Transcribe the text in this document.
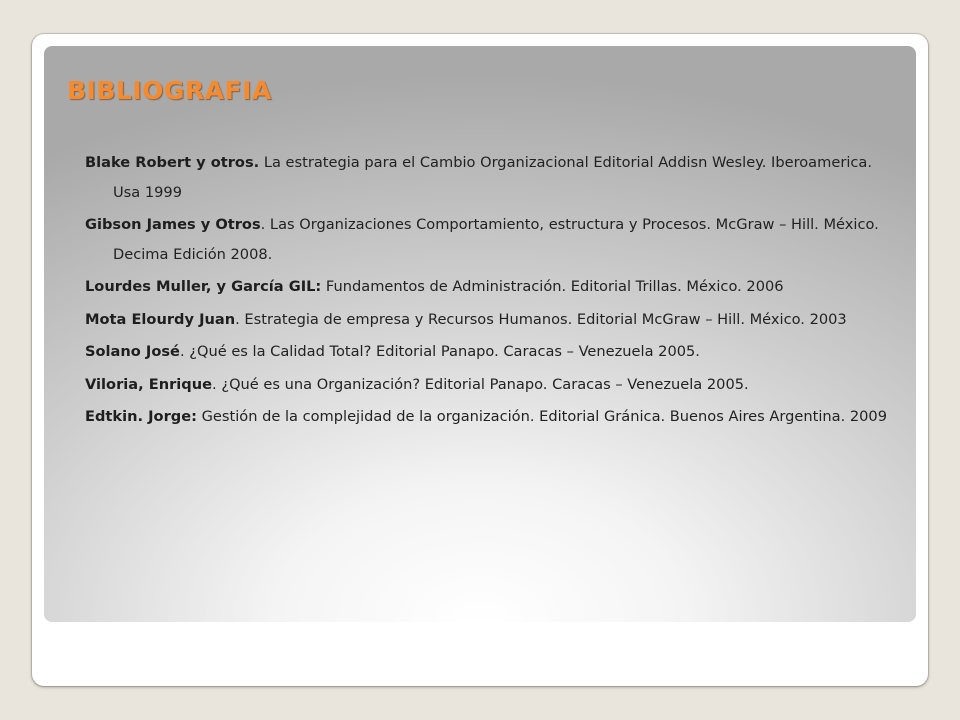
BIBLIOGRAFIA

Blake Robert y otros. La estrategia para el Cambio Organizacional Editorial Addisn Wesley. Iberoamerica. Usa 1999

Gibson James y Otros. Las Organizaciones Comportamiento, estructura y Procesos. McGraw – Hill. México. Decima Edición 2008.

Lourdes Muller, y García GIL: Fundamentos de Administración. Editorial Trillas. México. 2006

Mota Elourdy Juan. Estrategia de empresa y Recursos Humanos. Editorial McGraw – Hill. México. 2003

Solano José. ¿Qué es la Calidad Total? Editorial Panapo. Caracas – Venezuela 2005.

Viloria, Enrique. ¿Qué es una Organización? Editorial Panapo. Caracas – Venezuela 2005.

Edtkin. Jorge: Gestión de la complejidad de la organización. Editorial Gránica. Buenos Aires Argentina. 2009
